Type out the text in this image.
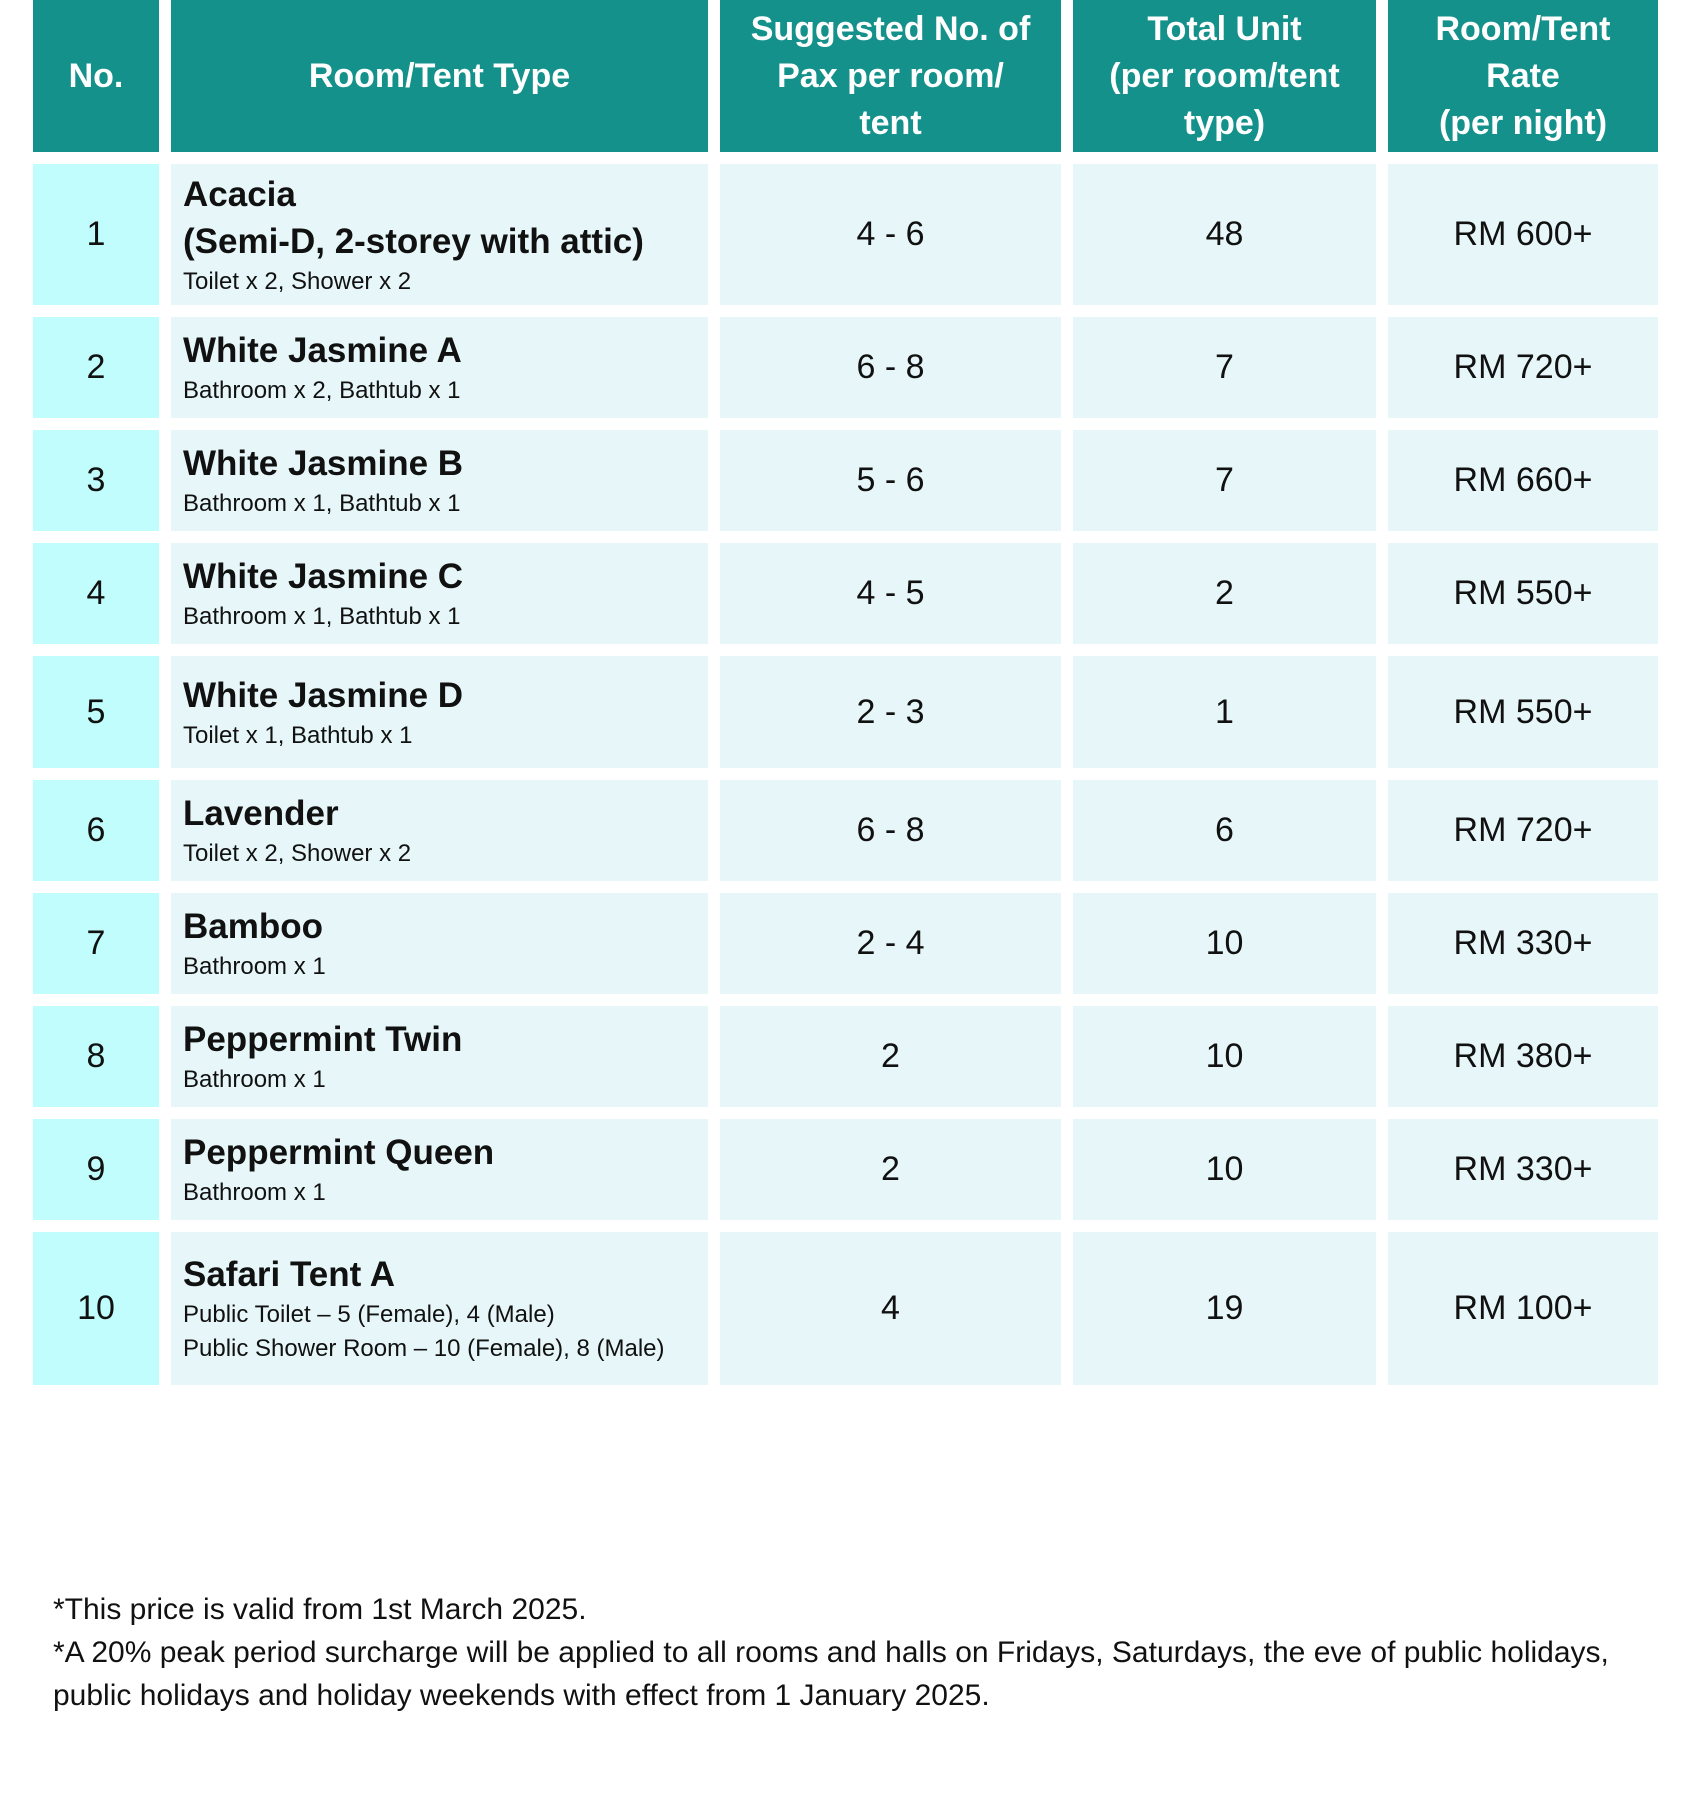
No.	Room/Tent Type	Suggested No. of
Pax per room/
tent	Total Unit
(per room/tent
type)	Room/Tent
Rate
(per night)
1	Acacia
(Semi-D, 2-storey with attic)
Toilet x 2, Shower x 2	4 - 6	48	RM 600+
2	White Jasmine A
Bathroom x 2, Bathtub x 1	6 - 8	7	RM 720+
3	White Jasmine B
Bathroom x 1, Bathtub x 1	5 - 6	7	RM 660+
4	White Jasmine C
Bathroom x 1, Bathtub x 1	4 - 5	2	RM 550+
5	White Jasmine D
Toilet x 1, Bathtub x 1	2 - 3	1	RM 550+
6	Lavender
Toilet x 2, Shower x 2	6 - 8	6	RM 720+
7	Bamboo
Bathroom x 1	2 - 4	10	RM 330+
8	Peppermint Twin
Bathroom x 1	2	10	RM 380+
9	Peppermint Queen
Bathroom x 1	2	10	RM 330+
10	Safari Tent A
Public Toilet – 5 (Female), 4 (Male)
Public Shower Room – 10 (Female), 8 (Male)	4	19	RM 100+

*This price is valid from 1st March 2025.

*A 20% peak period surcharge will be applied to all rooms and halls on Fridays, Saturdays, the eve of public holidays, public holidays and holiday weekends with effect from 1 January 2025.
